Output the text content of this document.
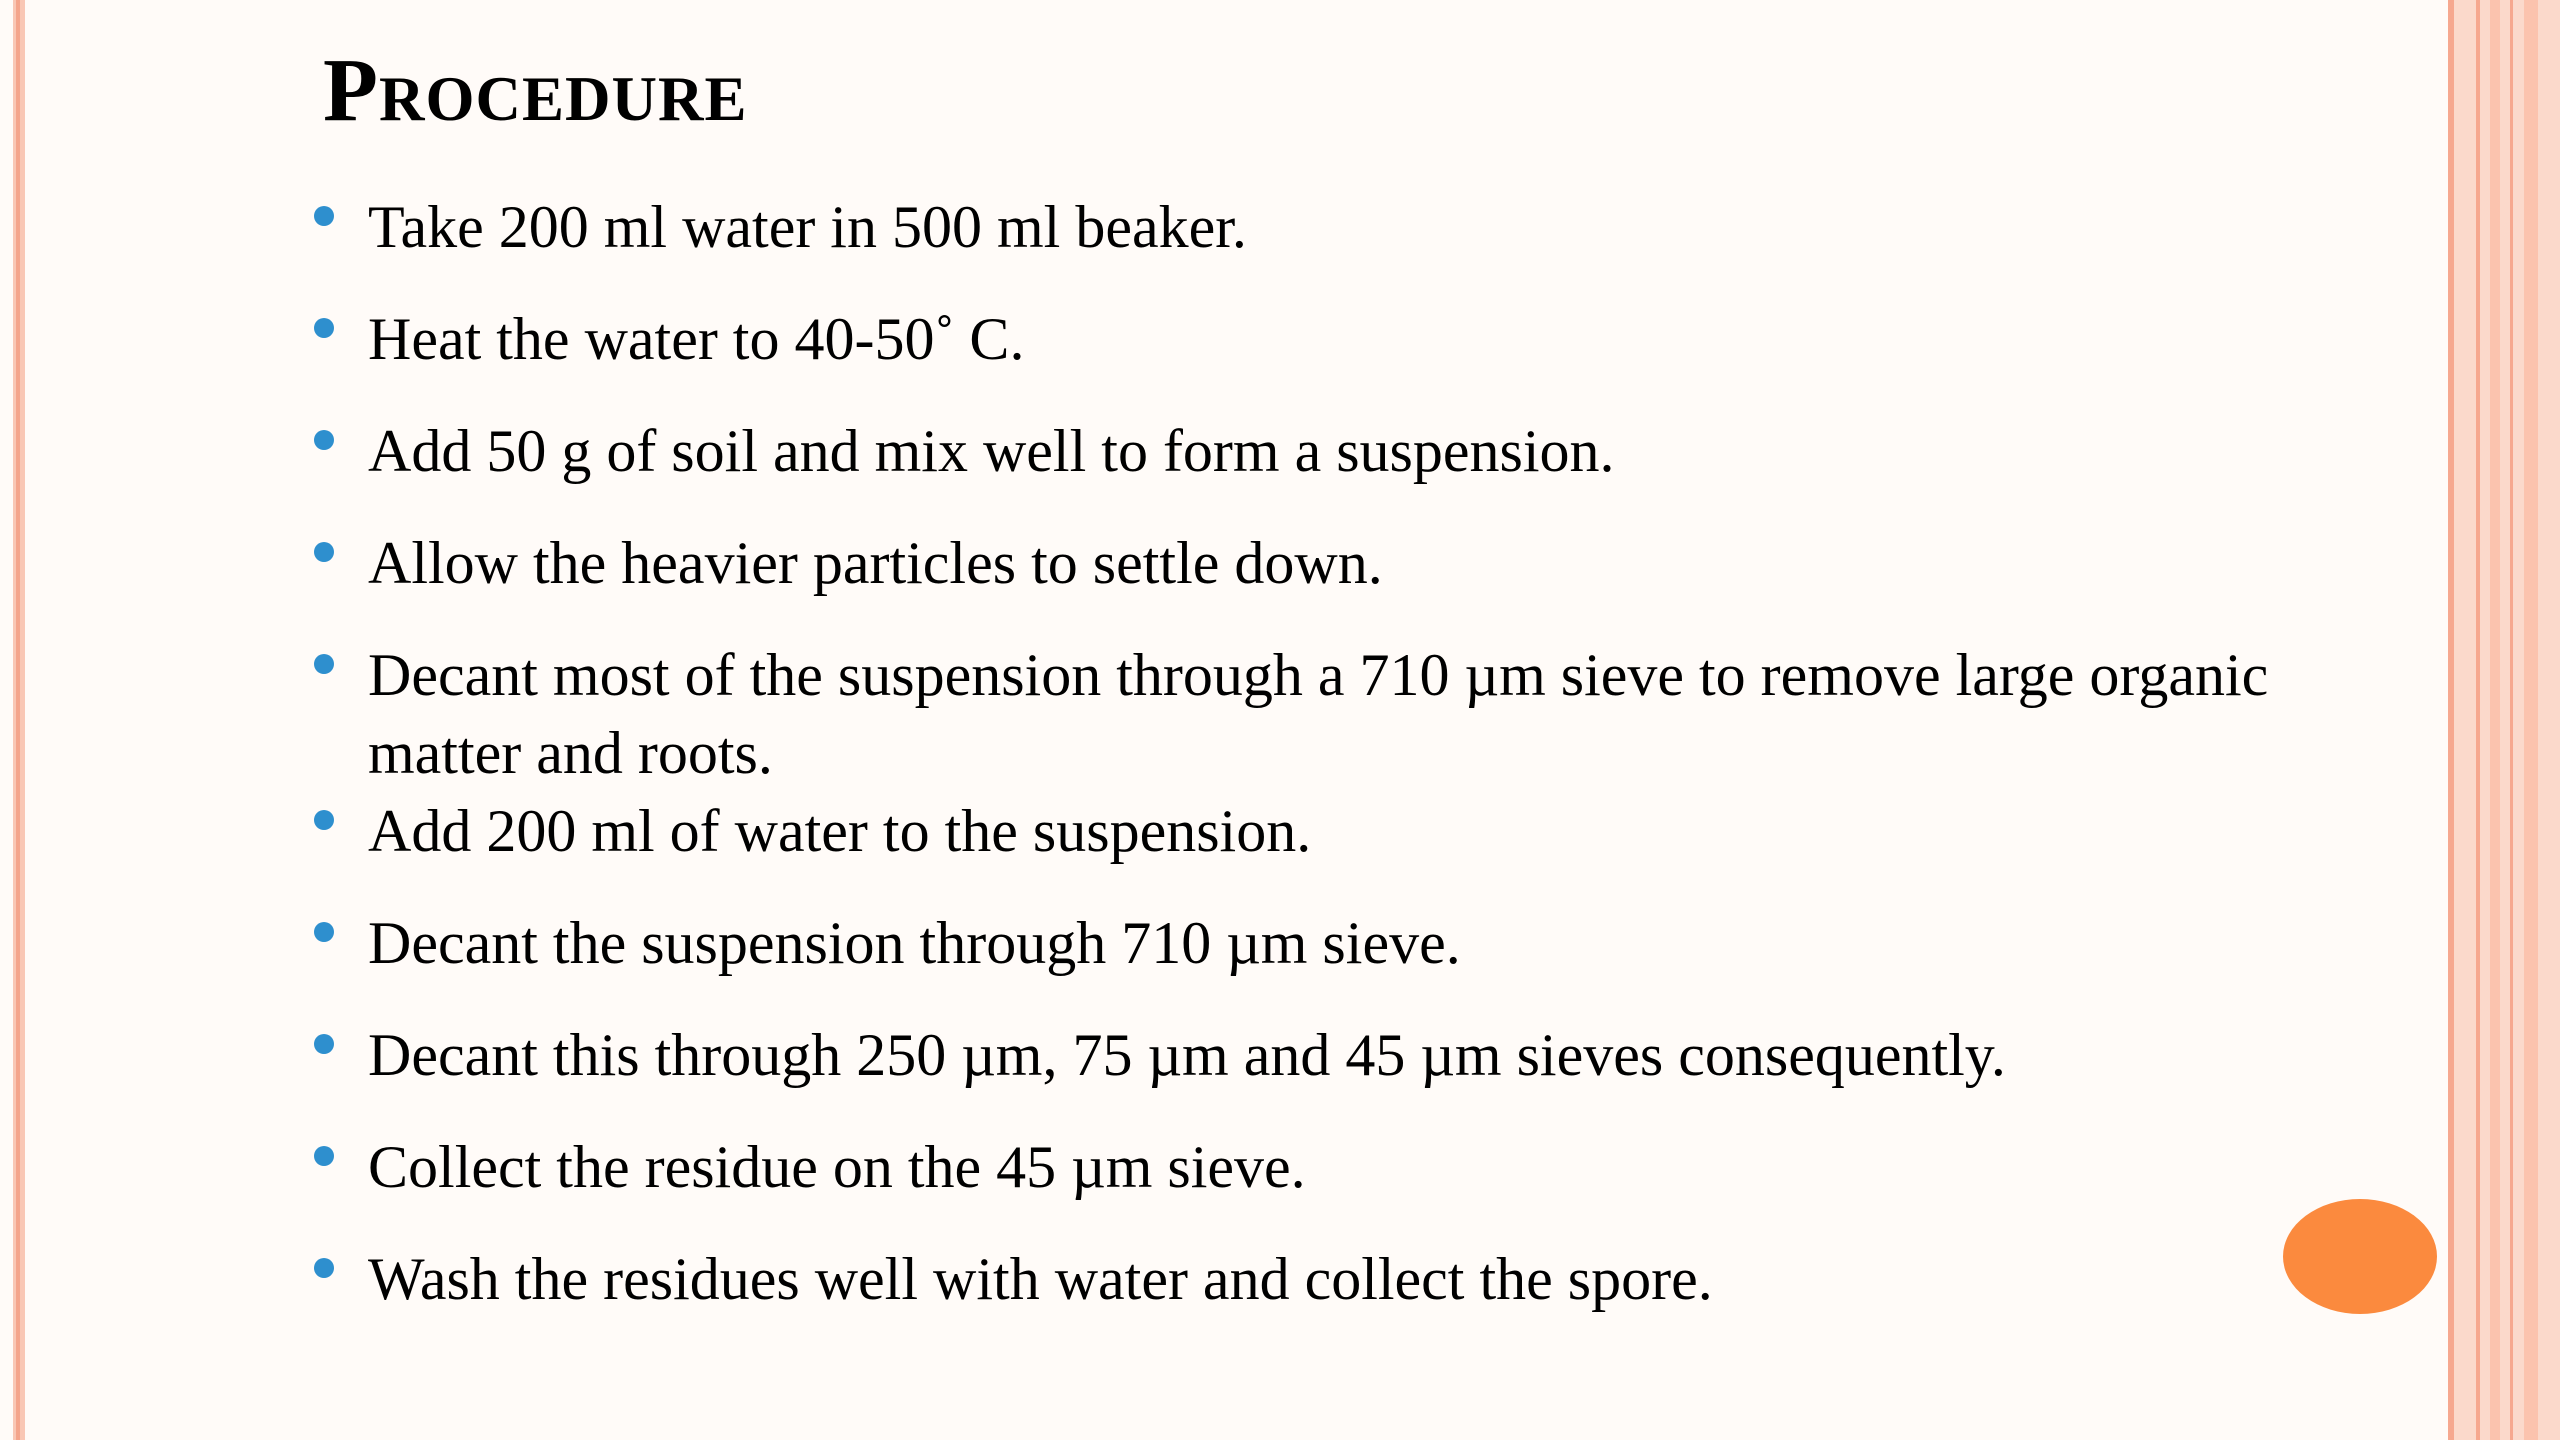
Procedure
Take 200 ml water in 500 ml beaker.
Heat the water to 40-50˚ C.
Add 50 g of soil and mix well to form a suspension.
Allow the heavier particles to settle down.
Decant most of the suspension through a 710 µm sieve to remove large organic matter and roots.
Add 200 ml of water to the suspension.
Decant the suspension through 710 µm sieve.
Decant this through 250 µm, 75 µm and 45 µm sieves consequently.
Collect the residue on the 45 µm sieve.
Wash the residues well with water and collect the spore.
